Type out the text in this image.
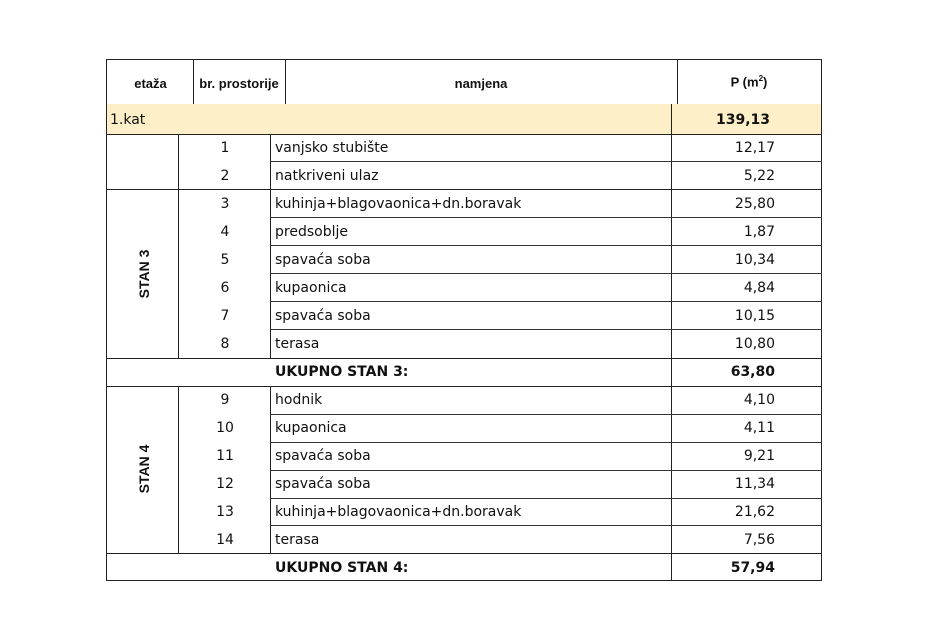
etaža	br. prostorije	namjena	P $(m^2)$
1.kat	139,13
1	vanjsko stubište	12,17
2	natkriveni ulaz	5,22
STAN 3
3	kuhinja+blagovaonica+dn.boravak	25,80
4	predsoblje	1,87
5	spavaća soba	10,34
6	kupaonica	4,84
7	spavaća soba	10,15
8	terasa	10,80
UKUPNO STAN 3:	63,80
STAN 4
9	hodnik	4,10
10	kupaonica	4,11
11	spavaća soba	9,21
12	spavaća soba	11,34
13	kuhinja+blagovaonica+dn.boravak	21,62
14	terasa	7,56
UKUPNO STAN 4:	57,94
